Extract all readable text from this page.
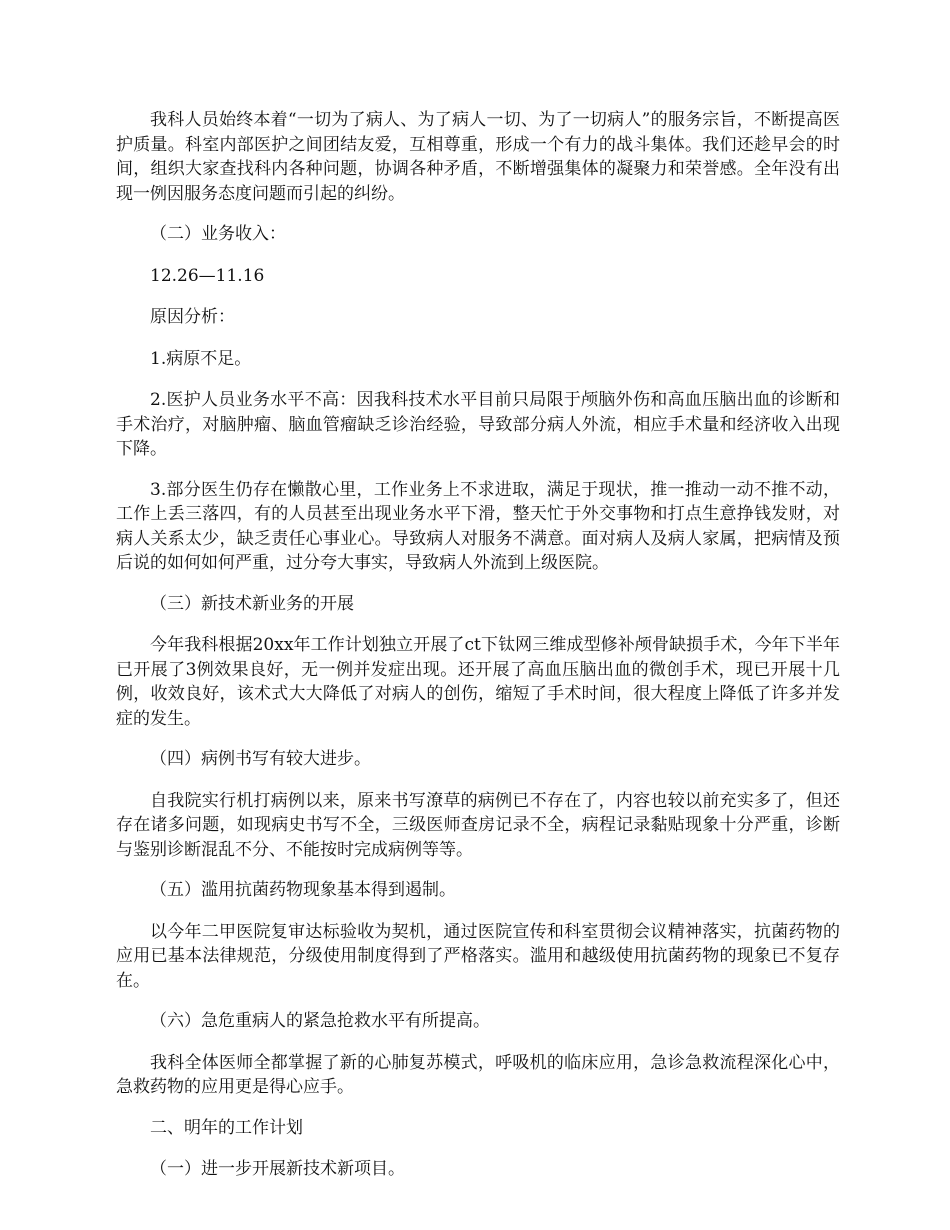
我科人员始终本着“一切为了病人、为了病人一切、为了一切病人”的服务宗旨，不断提高医护质量。科室内部医护之间团结友爱，互相尊重，形成一个有力的战斗集体。我们还趁早会的时间，组织大家查找科内各种问题，协调各种矛盾，不断增强集体的凝聚力和荣誉感。全年没有出现一例因服务态度问题而引起的纠纷。

（二）业务收入：

12.26—11.16

原因分析：

1.病原不足。

2.医护人员业务水平不高：因我科技术水平目前只局限于颅脑外伤和高血压脑出血的诊断和手术治疗，对脑肿瘤、脑血管瘤缺乏诊治经验，导致部分病人外流，相应手术量和经济收入出现下降。

3.部分医生仍存在懒散心里，工作业务上不求进取，满足于现状，推一推动一动不推不动，工作上丢三落四，有的人员甚至出现业务水平下滑，整天忙于外交事物和打点生意挣钱发财，对病人关系太少，缺乏责任心事业心。导致病人对服务不满意。面对病人及病人家属，把病情及预后说的如何如何严重，过分夸大事实，导致病人外流到上级医院。

（三）新技术新业务的开展

今年我科根据20xx年工作计划独立开展了ct下钛网三维成型修补颅骨缺损手术，今年下半年已开展了3例效果良好，无一例并发症出现。还开展了高血压脑出血的微创手术，现已开展十几例，收效良好，该术式大大降低了对病人的创伤，缩短了手术时间，很大程度上降低了许多并发症的发生。

（四）病例书写有较大进步。

自我院实行机打病例以来，原来书写潦草的病例已不存在了，内容也较以前充实多了，但还存在诸多问题，如现病史书写不全，三级医师查房记录不全，病程记录黏贴现象十分严重，诊断与鉴别诊断混乱不分、不能按时完成病例等等。

（五）滥用抗菌药物现象基本得到遏制。

以今年二甲医院复审达标验收为契机，通过医院宣传和科室贯彻会议精神落实，抗菌药物的应用已基本法律规范，分级使用制度得到了严格落实。滥用和越级使用抗菌药物的现象已不复存在。

（六）急危重病人的紧急抢救水平有所提高。

我科全体医师全都掌握了新的心肺复苏模式，呼吸机的临床应用，急诊急救流程深化心中，急救药物的应用更是得心应手。

二、明年的工作计划

（一）进一步开展新技术新项目。
